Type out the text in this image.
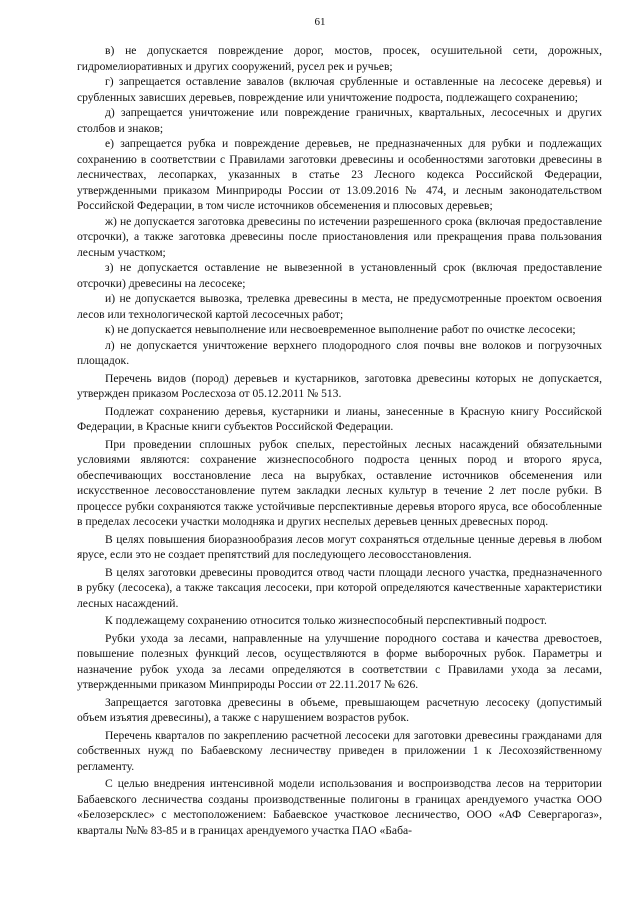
61

в) не допускается повреждение дорог, мостов, просек, осушительной сети, дорожных, гидромелиоративных и других сооружений, русел рек и ручьев;

г) запрещается оставление завалов (включая срубленные и оставленные на лесосеке деревья) и срубленных зависших деревьев, повреждение или уничтожение подроста, подлежащего сохранению;

д) запрещается уничтожение или повреждение граничных, квартальных, лесосечных и других столбов и знаков;

е) запрещается рубка и повреждение деревьев, не предназначенных для рубки и подлежащих сохранению в соответствии с Правилами заготовки древесины и особенностями заготовки древесины в лесничествах, лесопарках, указанных в статье 23 Лесного кодекса Российской Федерации, утвержденными приказом Минприроды России от 13.09.2016 № 474, и лесным законодательством Российской Федерации, в том числе источников обсеменения и плюсовых деревьев;

ж) не допускается заготовка древесины по истечении разрешенного срока (включая предоставление отсрочки), а также заготовка древесины после приостановления или прекращения права пользования лесным участком;

з) не допускается оставление не вывезенной в установленный срок (включая предоставление отсрочки) древесины на лесосеке;

и) не допускается вывозка, трелевка древесины в места, не предусмотренные проектом освоения лесов или технологической картой лесосечных работ;

к) не допускается невыполнение или несвоевременное выполнение работ по очистке лесосеки;

л) не допускается уничтожение верхнего плодородного слоя почвы вне волоков и погрузочных площадок.

Перечень видов (пород) деревьев и кустарников, заготовка древесины которых не допускается, утвержден приказом Рослесхоза от 05.12.2011 № 513.

Подлежат сохранению деревья, кустарники и лианы, занесенные в Красную книгу Российской Федерации, в Красные книги субъектов Российской Федерации.

При проведении сплошных рубок спелых, перестойных лесных насаждений обязательными условиями являются: сохранение жизнеспособного подроста ценных пород и второго яруса, обеспечивающих восстановление леса на вырубках, оставление источников обсеменения или искусственное лесовосстановление путем закладки лесных культур в течение 2 лет после рубки. В процессе рубки сохраняются также устойчивые перспективные деревья второго яруса, все обособленные в пределах лесосеки участки молодняка и других неспелых деревьев ценных древесных пород.

В целях повышения биоразнообразия лесов могут сохраняться отдельные ценные деревья в любом ярусе, если это не создает препятствий для последующего лесовосстановления.

В целях заготовки древесины проводится отвод части площади лесного участка, предназначенного в рубку (лесосека), а также таксация лесосеки, при которой определяются качественные характеристики лесных насаждений.

К подлежащему сохранению относится только жизнеспособный перспективный подрост.

Рубки ухода за лесами, направленные на улучшение породного состава и качества древостоев, повышение полезных функций лесов, осуществляются в форме выборочных рубок. Параметры и назначение рубок ухода за лесами определяются в соответствии с Правилами ухода за лесами, утвержденными приказом Минприроды России от 22.11.2017 № 626.

Запрещается заготовка древесины в объеме, превышающем расчетную лесосеку (допустимый объем изъятия древесины), а также с нарушением возрастов рубок.

Перечень кварталов по закреплению расчетной лесосеки для заготовки древесины гражданами для собственных нужд по Бабаевскому лесничеству приведен в приложении 1 к Лесохозяйственному регламенту.

С целью внедрения интенсивной модели использования и воспроизводства лесов на территории Бабаевского лесничества созданы производственные полигоны в границах арендуемого участка ООО «Белозерсклес» с местоположением: Бабаевское участковое лесничество, ООО «АФ Севергарогаз», кварталы №№ 83-85 и в границах арендуемого участка ПАО «Баба-
